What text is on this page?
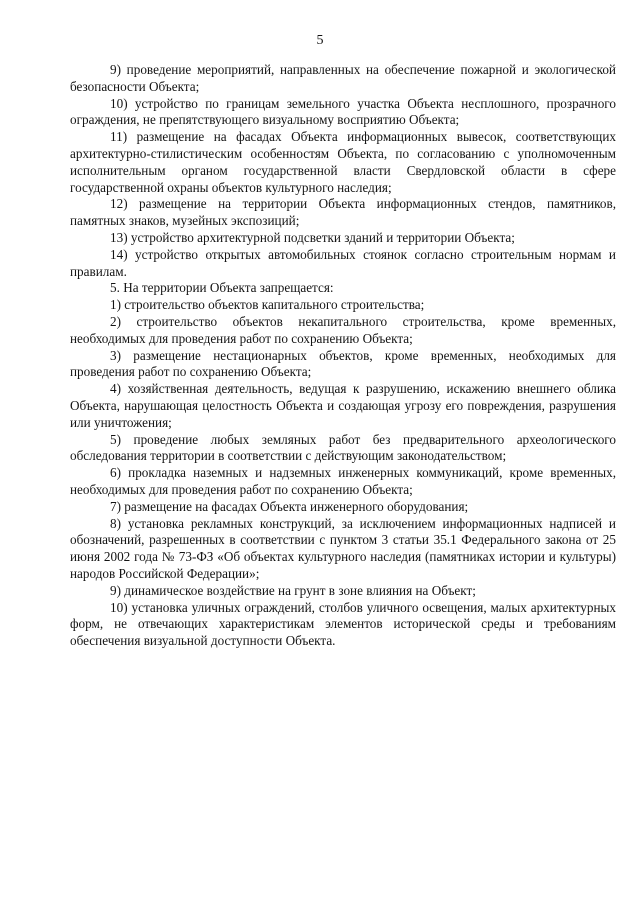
5

9) проведение мероприятий, направленных на обеспечение пожарной и экологической безопасности Объекта;

10) устройство по границам земельного участка Объекта несплошного, прозрачного ограждения, не препятствующего визуальному восприятию Объекта;

11) размещение на фасадах Объекта информационных вывесок, соответствующих архитектурно-стилистическим особенностям Объекта, по согласованию с уполномоченным исполнительным органом государственной власти Свердловской области в сфере государственной охраны объектов культурного наследия;

12) размещение на территории Объекта информационных стендов, памятников, памятных знаков, музейных экспозиций;

13) устройство архитектурной подсветки зданий и территории Объекта;

14) устройство открытых автомобильных стоянок согласно строительным нормам и правилам.

5. На территории Объекта запрещается:

1) строительство объектов капитального строительства;

2) строительство объектов некапитального строительства, кроме временных, необходимых для проведения работ по сохранению Объекта;

3) размещение нестационарных объектов, кроме временных, необходимых для проведения работ по сохранению Объекта;

4) хозяйственная деятельность, ведущая к разрушению, искажению внешнего облика Объекта, нарушающая целостность Объекта и создающая угрозу его повреждения, разрушения или уничтожения;

5) проведение любых земляных работ без предварительного археологического обследования территории в соответствии с действующим законодательством;

6) прокладка наземных и надземных инженерных коммуникаций, кроме временных, необходимых для проведения работ по сохранению Объекта;

7) размещение на фасадах Объекта инженерного оборудования;

8) установка рекламных конструкций, за исключением информационных надписей и обозначений, разрешенных в соответствии с пунктом 3 статьи 35.1 Федерального закона от 25 июня 2002 года № 73-ФЗ «Об объектах культурного наследия (памятниках истории и культуры) народов Российской Федерации»;

9) динамическое воздействие на грунт в зоне влияния на Объект;

10) установка уличных ограждений, столбов уличного освещения, малых архитектурных форм, не отвечающих характеристикам элементов исторической среды и требованиям обеспечения визуальной доступности Объекта.
